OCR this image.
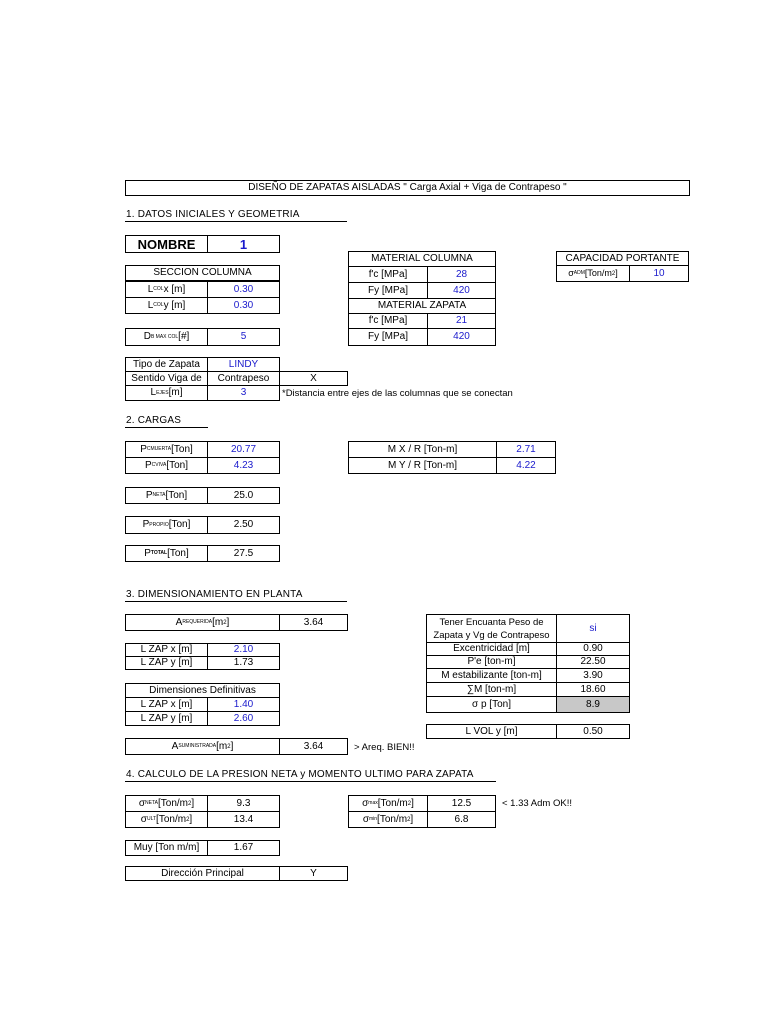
DISEÑO DE ZAPATAS AISLADAS " Carga Axial + Viga de Contrapeso "
1. DATOS INICIALES Y GEOMETRIA
NOMBRE	1
SECCION COLUMNA
L COL x [m]	0.30
L COL y [m]	0.30
D B MAX COL [#]	5
MATERIAL COLUMNA
f'c [MPa]	28
Fy [MPa]	420
MATERIAL ZAPATA
f'c [MPa]	21
Fy [MPa]	420
CAPACIDAD PORTANTE
σ ADM [Ton/m 2 ]	10
Tipo de Zapata	LINDY
Sentido Viga de	Contrapeso	X
L EJES [m]	3	*Distancia entre ejes de las columnas que se conectan
2. CARGAS
P CMUERTA [Ton]	20.77
P CVIVA [Ton]	4.23
M X / R [Ton-m]	2.71
M Y / R [Ton-m]	4.22
P NETA [Ton]	25.0
P PROPIO [Ton]	2.50
P TOTAL [Ton]	27.5
3. DIMENSIONAMIENTO EN PLANTA
A REQUERIDA [m 2 ]	3.64
L ZAP x [m]	2.10
L ZAP y [m]	1.73
Dimensiones Definitivas
L ZAP x [m]	1.40
L ZAP y [m]	2.60
A SUMINISTRADA [m 2 ]	3.64	> Areq. BIEN!!
Tener Encuanta Peso de
Zapata y Vg de Contrapeso
si
Excentricidad [m]	0.90
P'e [ton-m]	22.50
M estabilizante [ton-m]	3.90
∑M [ton-m]	18.60
σ p [Ton]	8.9
L VOL y [m]	0.50
4. CALCULO DE LA PRESION NETA y MOMENTO ULTIMO PARA ZAPATA
σ NETA [Ton/m 2 ]	9.3
σ ULT [Ton/m 2 ]	13.4
σ max [Ton/m 2 ]	12.5	< 1.33 Adm OK!!
σ min [Ton/m 2 ]	6.8
Muy [Ton m/m]	1.67
Dirección Principal	Y
